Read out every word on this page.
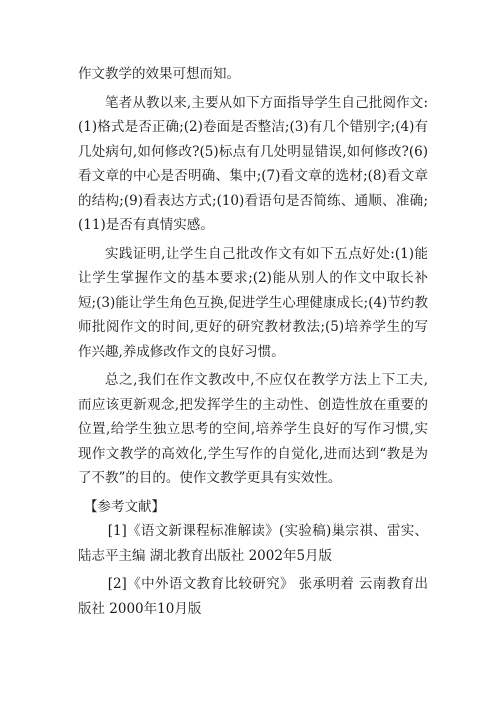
作文教学的效果可想而知。

笔者从教以来,主要从如下方面指导学生自己批阅作文:(1)格式是否正确;(2)卷面是否整洁;(3)有几个错别字;(4)有几处病句,如何修改?(5)标点有几处明显错误,如何修改?(6)看文章的中心是否明确、集中;(7)看文章的选材;(8)看文章的结构;(9)看表达方式;(10)看语句是否简练、通顺、准确;(11)是否有真情实感。

实践证明,让学生自己批改作文有如下五点好处:(1)能让学生掌握作文的基本要求;(2)能从别人的作文中取长补短;(3)能让学生角色互换,促进学生心理健康成长;(4)节约教师批阅作文的时间,更好的研究教材教法;(5)培养学生的写作兴趣,养成修改作文的良好习惯。

总之,我们在作文教改中,不应仅在教学方法上下工夫,而应该更新观念,把发挥学生的主动性、创造性放在重要的位置,给学生独立思考的空间,培养学生良好的写作习惯,实现作文教学的高效化,学生写作的自觉化,进而达到“教是为了不教”的目的。使作文教学更具有实效性。

【参考文献】

[1]《语文新课程标准解读》(实验稿)巢宗祺、雷实、陆志平主编 湖北教育出版社 2002年5月版

[2]《中外语文教育比较研究》 张承明着 云南教育出版社 2000年10月版
